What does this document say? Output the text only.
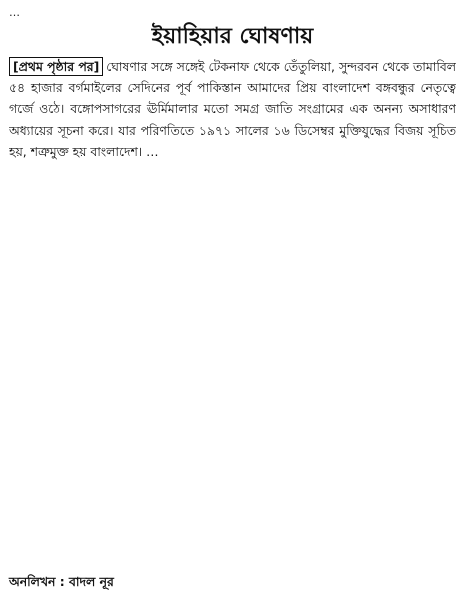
…
ইয়াহিয়ার ঘোষণায়
[প্রথম পৃষ্ঠার পর] ঘোষণার সঙ্গে সঙ্গেই টেকনাফ থেকে তেঁতুলিয়া, সুন্দরবন থেকে তামাবিল ৫৪ হাজার বর্গমাইলের সেদিনের পূর্ব পাকিস্তান আমাদের প্রিয় বাংলাদেশ বঙ্গবন্ধুর নেতৃত্বে গর্জে ওঠে। বঙ্গোপসাগরের ঊর্মিমালার মতো সমগ্র জাতি সংগ্রামের এক অনন্য অসাধারণ অধ্যায়ের সূচনা করে। যার পরিণতিতে ১৯৭১ সালের ১৬ ডিসেম্বর মুক্তিযুদ্ধের বিজয় সূচিত হয়, শত্রুমুক্ত হয় বাংলাদেশ। …
অনলিখন : বাদল নূর
